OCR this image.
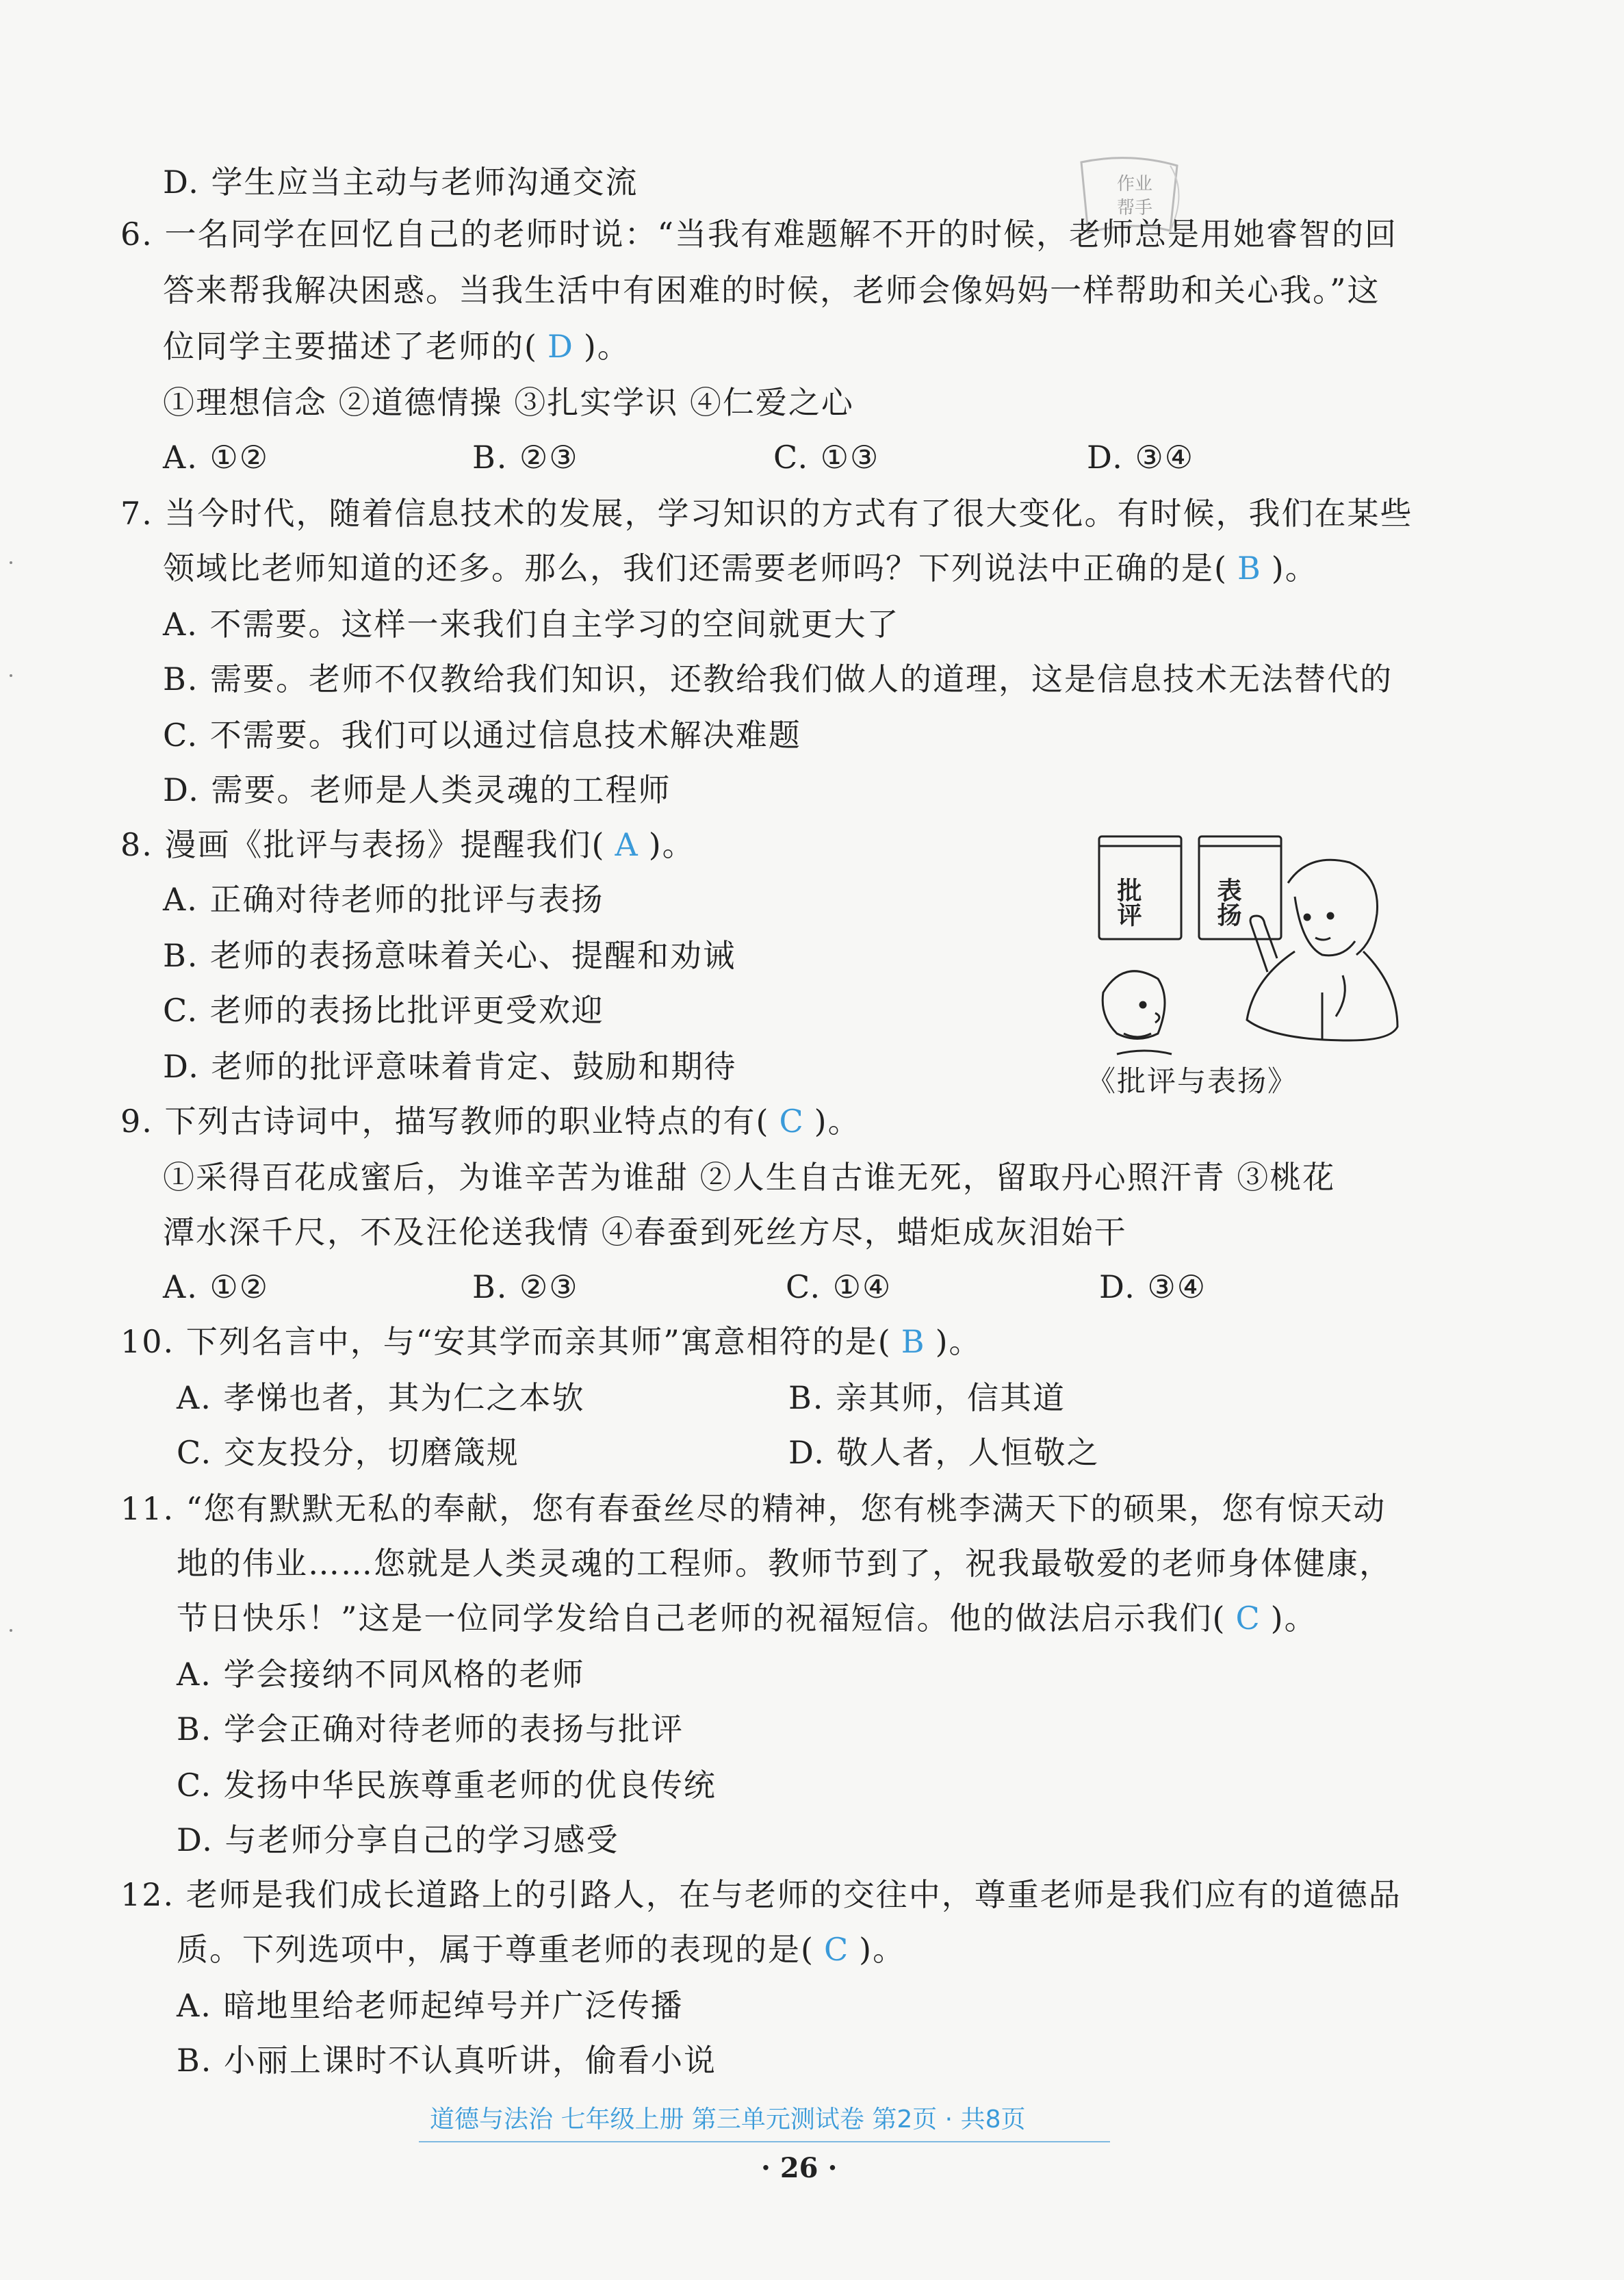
作业
帮手
D. 学生应当主动与老师沟通交流
6. 一名同学在回忆自己的老师时说：“当我有难题解不开的时候，老师总是用她睿智的回
答来帮我解决困惑。当我生活中有困难的时候，老师会像妈妈一样帮助和关心我。”这
位同学主要描述了老师的( D )。
①理想信念 ②道德情操 ③扎实学识 ④仁爱之心
A. ①②	B. ②③	C. ①③	D. ③④
7. 当今时代，随着信息技术的发展，学习知识的方式有了很大变化。有时候，我们在某些
领域比老师知道的还多。那么，我们还需要老师吗？下列说法中正确的是( B )。
A. 不需要。这样一来我们自主学习的空间就更大了
B. 需要。老师不仅教给我们知识，还教给我们做人的道理，这是信息技术无法替代的
C. 不需要。我们可以通过信息技术解决难题
D. 需要。老师是人类灵魂的工程师
8. 漫画《批评与表扬》提醒我们( A )。
A. 正确对待老师的批评与表扬
B. 老师的表扬意味着关心、提醒和劝诫
C. 老师的表扬比批评更受欢迎
D. 老师的批评意味着肯定、鼓励和期待
批评	表扬
《批评与表扬》
9. 下列古诗词中，描写教师的职业特点的有( C )。
①采得百花成蜜后，为谁辛苦为谁甜 ②人生自古谁无死，留取丹心照汗青 ③桃花
潭水深千尺，不及汪伦送我情 ④春蚕到死丝方尽，蜡炬成灰泪始干
A. ①②	B. ②③	C. ①④	D. ③④
10. 下列名言中，与“安其学而亲其师”寓意相符的是( B )。
A. 孝悌也者，其为仁之本欤	B. 亲其师，信其道
C. 交友投分，切磨箴规	D. 敬人者，人恒敬之
11. “您有默默无私的奉献，您有春蚕丝尽的精神，您有桃李满天下的硕果，您有惊天动
地的伟业……您就是人类灵魂的工程师。教师节到了，祝我最敬爱的老师身体健康，
节日快乐！”这是一位同学发给自己老师的祝福短信。他的做法启示我们( C )。
A. 学会接纳不同风格的老师
B. 学会正确对待老师的表扬与批评
C. 发扬中华民族尊重老师的优良传统
D. 与老师分享自己的学习感受
12. 老师是我们成长道路上的引路人，在与老师的交往中，尊重老师是我们应有的道德品
质。下列选项中，属于尊重老师的表现的是( C )。
A. 暗地里给老师起绰号并广泛传播
B. 小丽上课时不认真听讲，偷看小说
道德与法治 七年级上册 第三单元测试卷 第2页 · 共8页
· 26 ·
